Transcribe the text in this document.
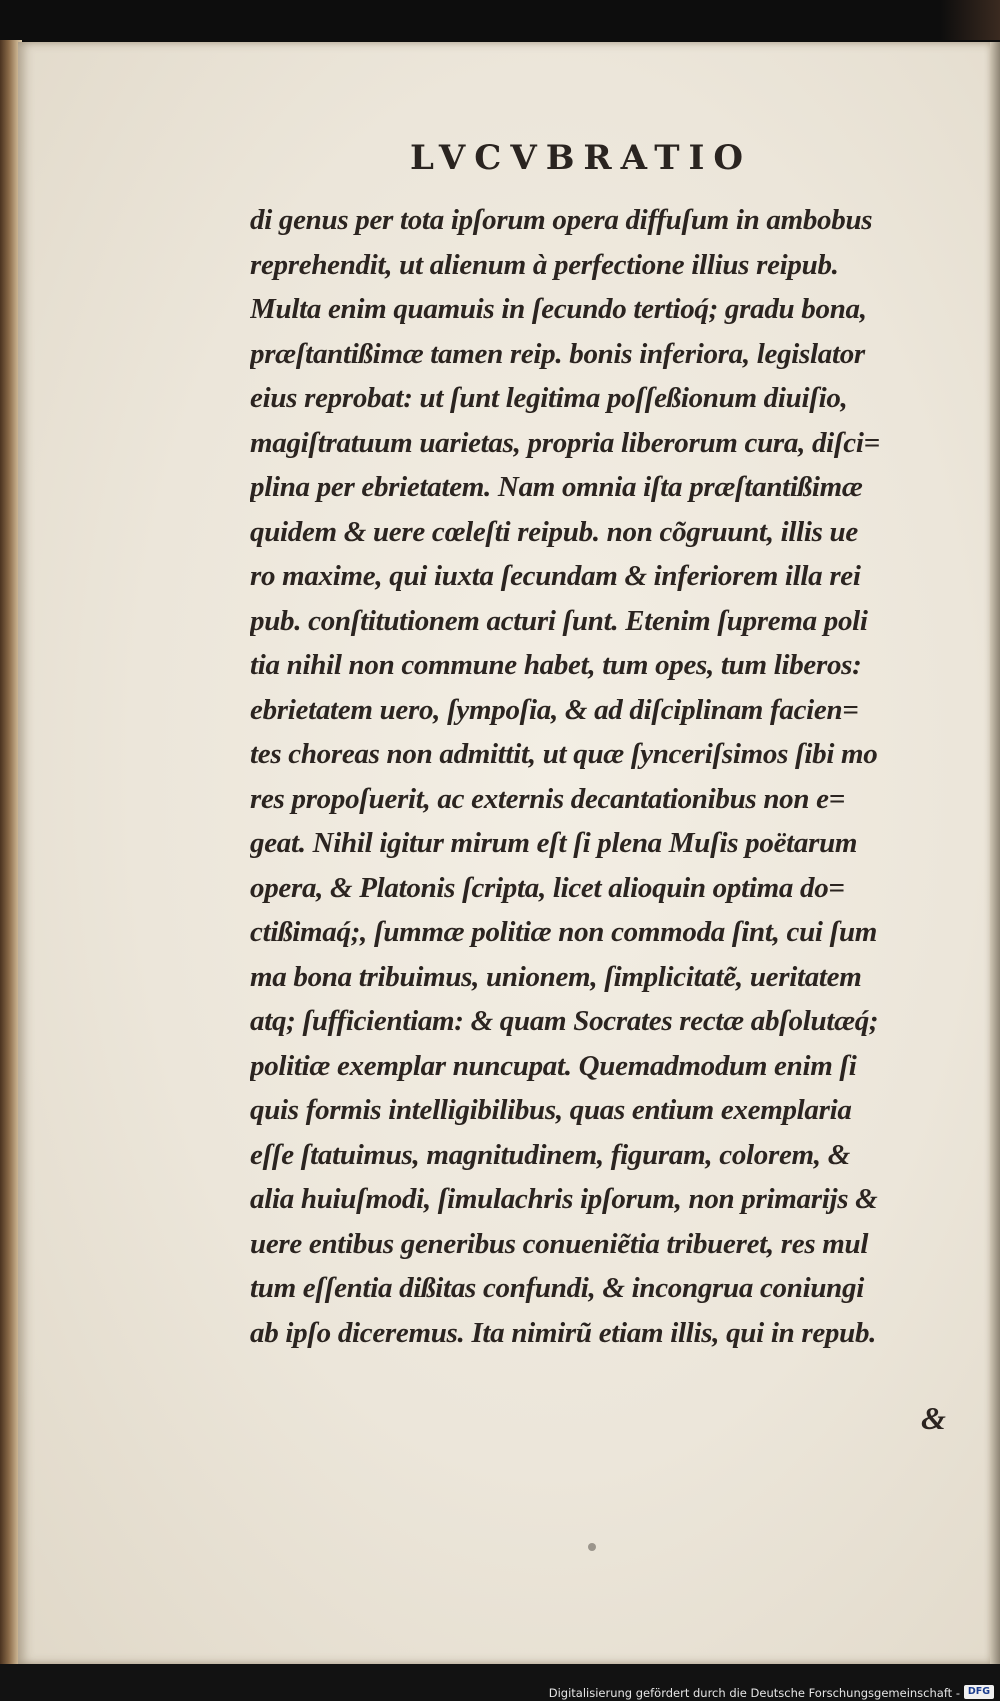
LVCVBRATIO
di genus per tota ipſorum opera diffuſum in ambobus
reprehendit, ut alienum à perfectione illius reipub.
Multa enim quamuis in ſecundo tertioq́; gradu bona,
præſtantißimæ tamen reip. bonis inferiora, legislator
eius reprobat: ut ſunt legitima poſſeßionum diuiſio,
magiſtratuum uarietas, propria liberorum cura, diſci=
plina per ebrietatem. Nam omnia iſta præſtantißimæ
quidem & uere cœleſti reipub. non cõgruunt, illis ue
ro maxime, qui iuxta ſecundam & inferiorem illa rei
pub. conſtitutionem acturi ſunt. Etenim ſuprema poli
tia nihil non commune habet, tum opes, tum liberos:
ebrietatem uero, ſympoſia, & ad diſciplinam facien=
tes choreas non admittit, ut quæ ſynceriſsimos ſibi mo
res propoſuerit, ac externis decantationibus non e=
geat. Nihil igitur mirum eſt ſi plena Muſis poëtarum
opera, & Platonis ſcripta, licet alioquin optima do=
ctißimaq́;, ſummæ politiæ non commoda ſint, cui ſum
ma bona tribuimus, unionem, ſimplicitatẽ, ueritatem
atq; ſufficientiam: & quam Socrates rectæ abſolutæq́;
politiæ exemplar nuncupat. Quemadmodum enim ſi
quis formis intelligibilibus, quas entium exemplaria
eſſe ſtatuimus, magnitudinem, figuram, colorem, &
alia huiuſmodi, ſimulachris ipſorum, non primarijs &
uere entibus generibus conueniẽtia tribueret, res mul
tum eſſentia dißitas confundi, & incongrua coniungi
ab ipſo diceremus. Ita nimirũ etiam illis, qui in repub.
&
Digitalisierung gefördert durch die Deutsche Forschungsgemeinschaft - DFG
